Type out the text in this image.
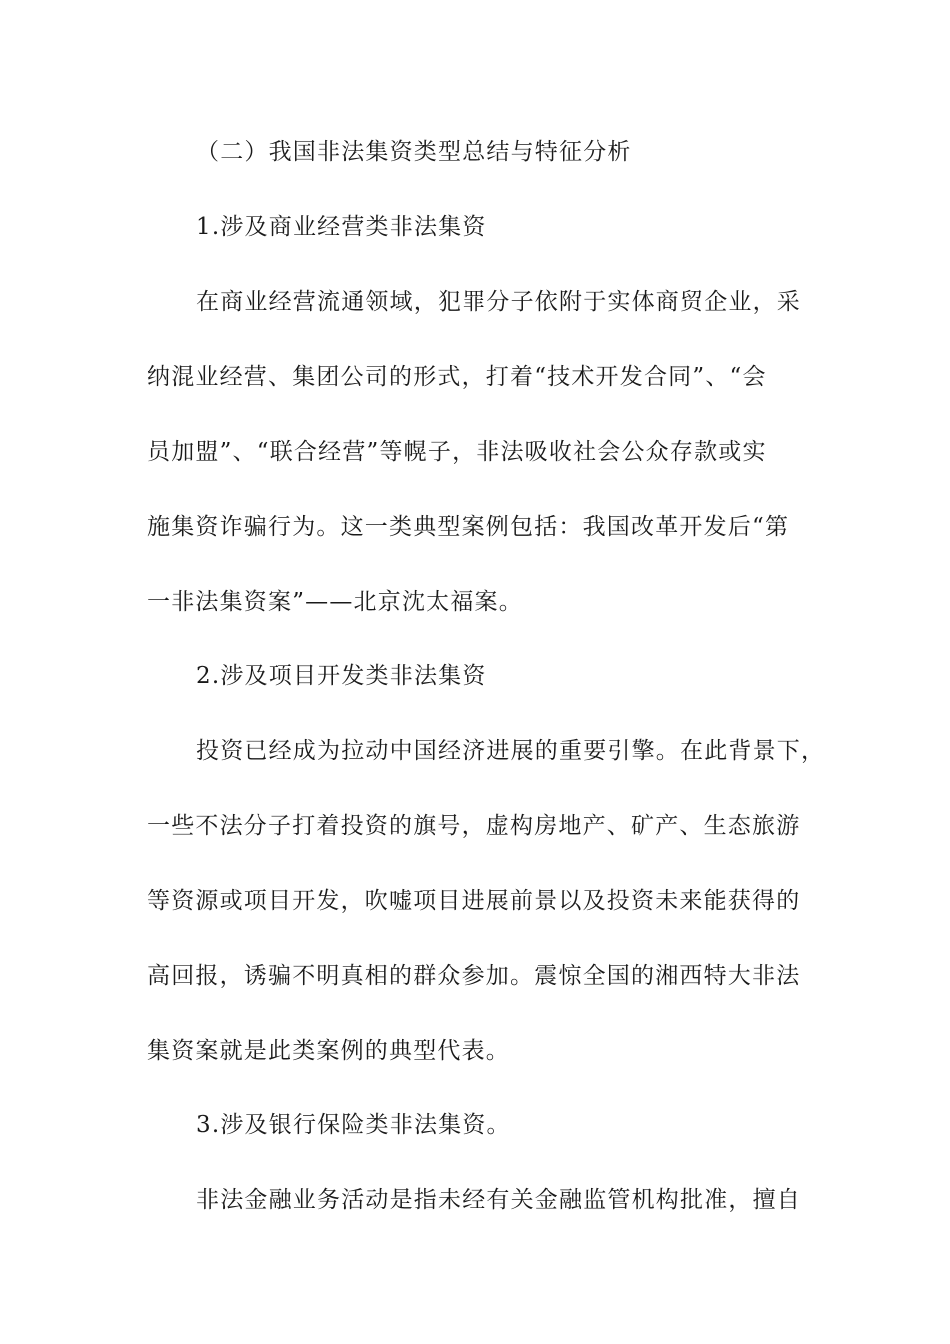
（二）我国非法集资类型总结与特征分析
1.涉及商业经营类非法集资
在商业经营流通领域，犯罪分子依附于实体商贸企业，采
纳混业经营、集团公司的形式，打着“技术开发合同”、“会
员加盟”、“联合经营”等幌子，非法吸收社会公众存款或实
施集资诈骗行为。这一类典型案例包括：我国改革开发后“第
一非法集资案”——北京沈太福案。
2.涉及项目开发类非法集资
投资已经成为拉动中国经济进展的重要引擎。在此背景下，
一些不法分子打着投资的旗号，虚构房地产、矿产、生态旅游
等资源或项目开发，吹嘘项目进展前景以及投资未来能获得的
高回报，诱骗不明真相的群众参加。震惊全国的湘西特大非法
集资案就是此类案例的典型代表。
3.涉及银行保险类非法集资。
非法金融业务活动是指未经有关金融监管机构批准，擅自
